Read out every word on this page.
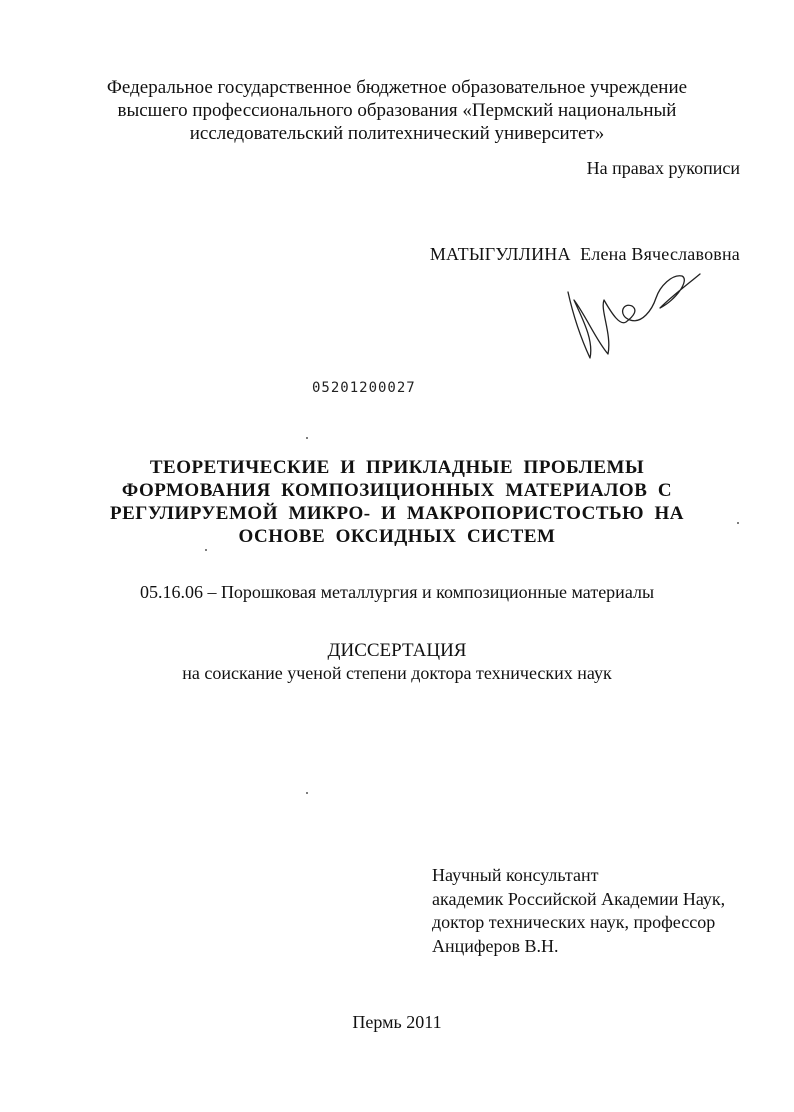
Федеральное государственное бюджетное образовательное учреждение
высшего профессионального образования «Пермский национальный
исследовательский политехнический университет»
На правах рукописи
МАТЫГУЛЛИНА  Елена Вячеславовна
05201200027
ТЕОРЕТИЧЕСКИЕ  И  ПРИКЛАДНЫЕ  ПРОБЛЕМЫ
ФОРМОВАНИЯ  КОМПОЗИЦИОННЫХ  МАТЕРИАЛОВ  С
РЕГУЛИРУЕМОЙ  МИКРО-  И  МАКРОПОРИСТОСТЬЮ  НА
ОСНОВЕ  ОКСИДНЫХ  СИСТЕМ
05.16.06 – Порошковая металлургия и композиционные материалы
ДИССЕРТАЦИЯ
на соискание ученой степени доктора технических наук
Научный консультант
академик Российской Академии Наук,
доктор технических наук, профессор
Анциферов В.Н.
Пермь 2011
